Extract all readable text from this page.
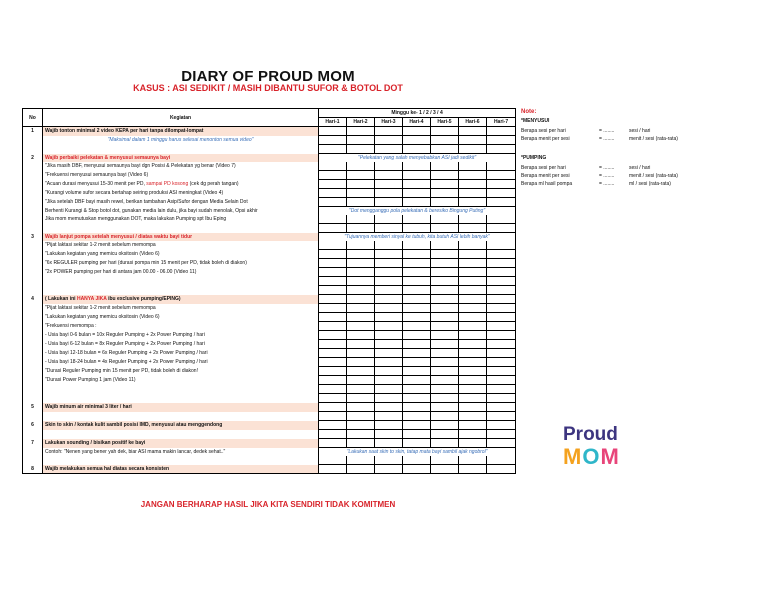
DIARY OF PROUD MOM
KASUS : ASI SEDIKIT / MASIH DIBANTU SUFOR & BOTOL DOT
No	Kegiatan	Minggu ke- 1 / 2 / 3 / 4						
		Hari-1	Hari-2	Hari-3	Hari-4	Hari-5	Hari-6	Hari-7
1	Wajib tonton minimal 2 video KEPA per hari tanpa dilompat-lompat							
	"Maksimal dalam 1 minggu harus selesai menonton semua video"							

2	Wajib perbaiki pelekatan & menyusui semaunya bayi	"Pelekatan yang salah menyebabkan ASI jadi sedikit"						
	"Jika masih DBF, menyusui semaunya bayi dgn Posisi & Pelekatan yg benar (Video 7)							
	"Frekuensi menyusui semaunya bayi (Video 6)							
	"Acuan durasi menyusui 15-30 menit per PD, sampai PD kosong (cek dg perah tangan)							
	"Kurangi volume sufor secara bertahap seiring produksi ASI meningkat (Video 4)							
	"Jika setelah DBF bayi masih rewel, berikan tambahan Asip/Sufor dengan Media Selain Dot							
	Berhenti Kurangi & Stop botol dot, gunakan media lain dulu, jika bayi sudah menolak, Opsi akhir	"Dot mengganggu pola pelekatan & beresiko Bingung Puting"						
	Jika mom memutuskan menggunakan DOT, maka lakukan Pumping spt Ibu Eping							

3	Wajib lanjut pompa setelah menyusui / diatas waktu bayi tidur	"Tujuannya memberi sinyal ke tubuh, kita butuh ASI lebih banyak"						
	"Pijat laktasi sekitar 1-2 menit sebelum memompa							
	"Lakukan kegiatan yang memicu oksitosin (Video 6)							
	"6x REGULER pumping per hari (durasi pompa min 15 menit per PD, tidak boleh di diakon)							
	"2x POWER pumping per hari di antara jam 00.00 - 06.00 (Video 11)							

4	( Lakukan ini HANYA JIKA ibu exclusive pumping/EPING)							
	"Pijat laktasi sekitar 1-2 menit sebelum memompa							
	"Lakukan kegiatan yang memicu oksitosin (Video 6)							
	"Frekuensi memompa :							
	- Usia bayi 0-6 bulan = 10x Reguler Pumping + 2x Power Pumping / hari							
	- Usia bayi 6-12 bulan = 8x Reguler Pumping + 2x Power Pumping / hari							
	- Usia bayi 12-18 bulan = 6x Reguler Pumping + 2x Power Pumping / hari							
	- Usia bayi 18-24 bulan = 4x Reguler Pumping + 2x Power Pumping / hari							
	"Durasi Reguler Pumping min 15 menit per PD, tidak boleh di diakon!							
	"Durasi Power Pumping 1 jam (Video 11)							

5	Wajib minum air minimal 3 liter / hari							

6	Skin to skin / kontak kulit sambil posisi IMD, menyusui atau menggendong							

7	Lakukan sounding / bisikan positif ke bayi							
	Contoh: "Nenen yang bener yah dek, biar ASI mama makin lancar, dedek sehat.."	"Lakukan saat skin to skin, tatap mata bayi sambil ajak ngobrol"						

8	Wajib melakukan semua hal diatas secara konsisten							
Note:
*MENYUSUI
Berapa sesi per hari	= ........	sesi / hari
Berapa menit per sesi	= ........	menit / sesi (rata-rata)
*PUMPING
Berapa sesi per hari	= ........	sesi / hari
Berapa menit per sesi	= ........	menit / sesi (rata-rata)
Berapa ml hasil pompa	= ........	ml / sesi (rata-rata)
JANGAN BERHARAP HASIL JIKA KITA SENDIRI TIDAK KOMITMEN
Proud
MOM
